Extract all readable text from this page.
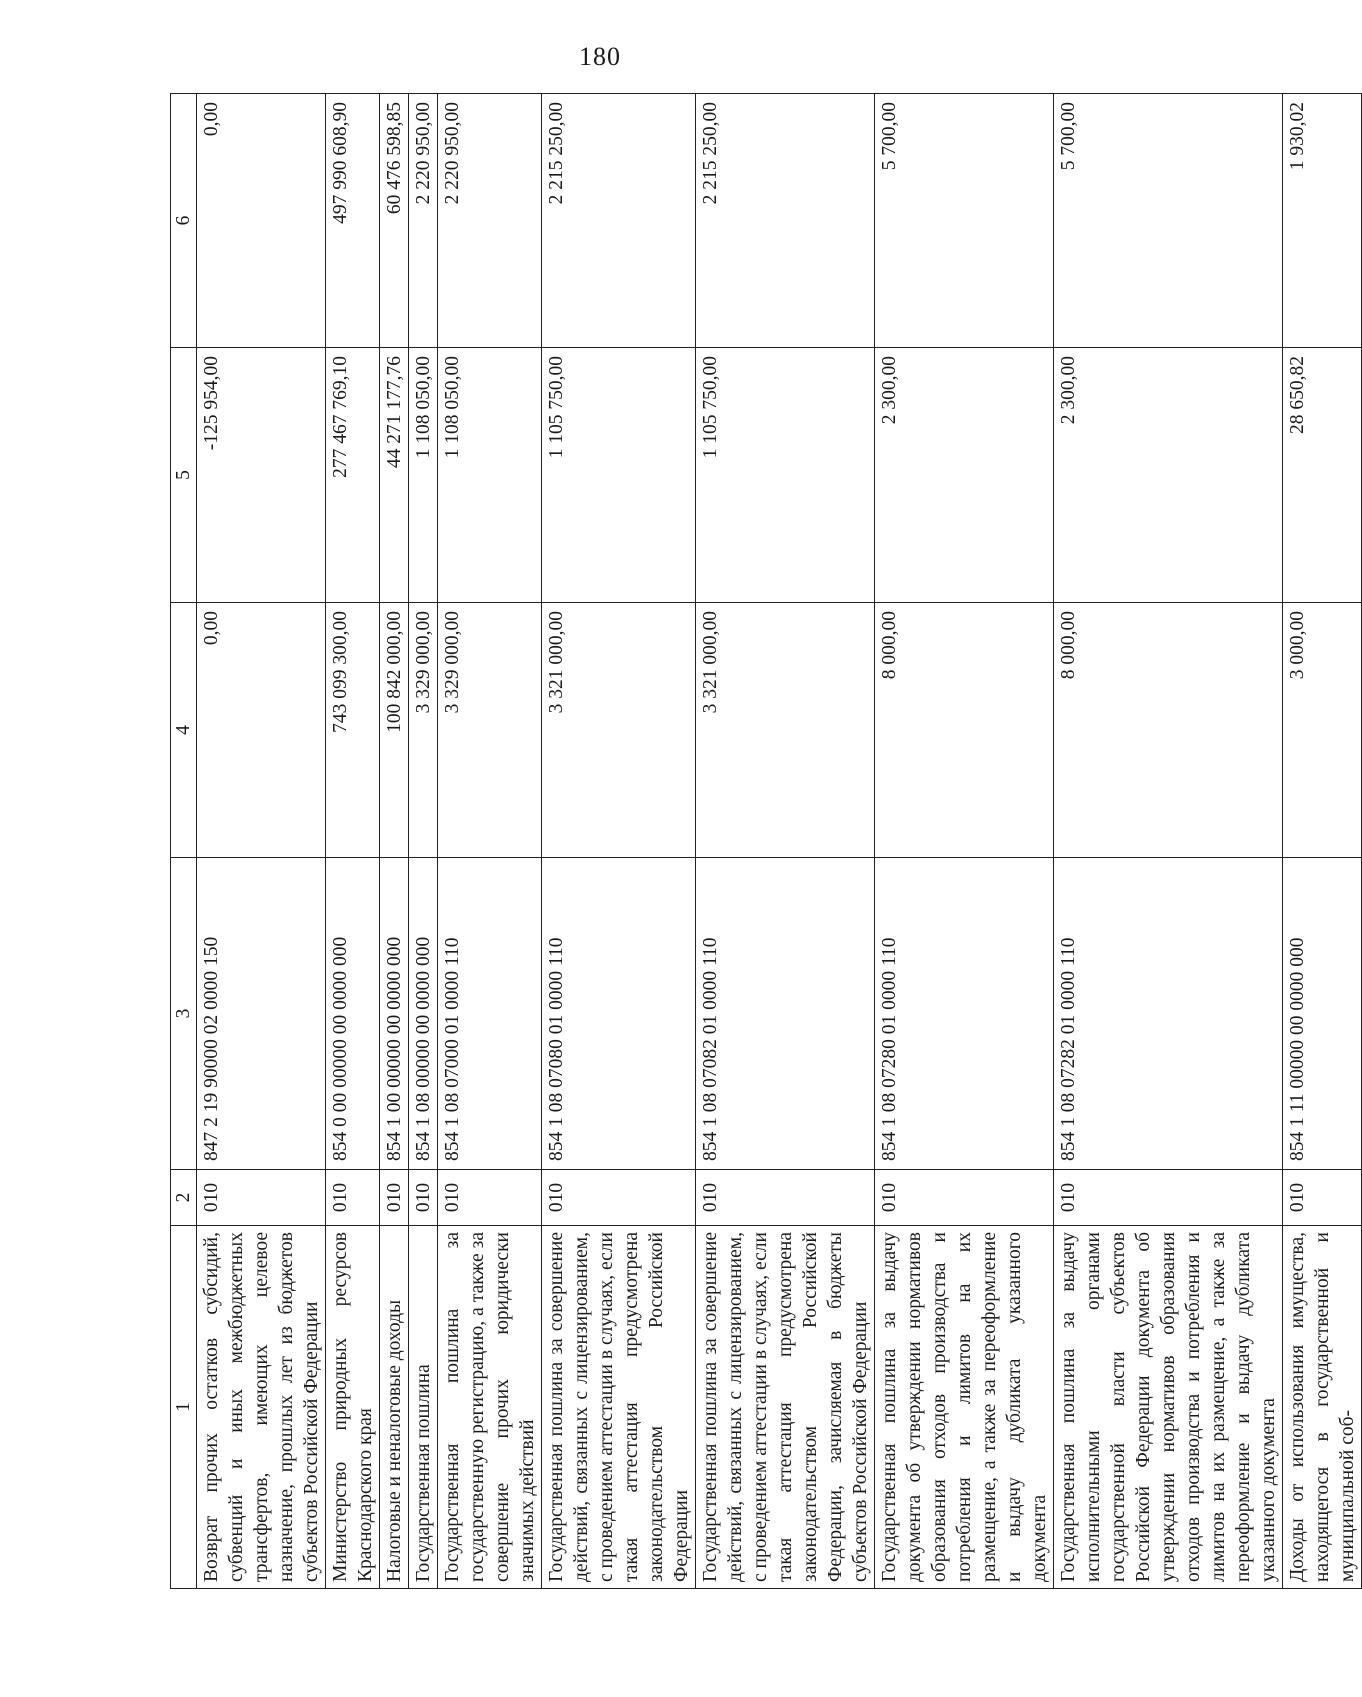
180
1	2	3	4	5	6
Возврат прочих остатков субсидий, субвенций и иных межбюджетных трансфертов, имеющих целевое назначение, прошлых лет из бюджетов субъектов Российской Федерации	010	847 2 19 90000 02 0000 150	0,00	-125 954,00	0,00
Министерство природных ресурсов Краснодарского края	010	854 0 00 00000 00 0000 000	743 099 300,00	277 467 769,10	497 990 608,90
Налоговые и неналоговые доходы	010	854 1 00 00000 00 0000 000	100 842 000,00	44 271 177,76	60 476 598,85
Государственная пошлина	010	854 1 08 00000 00 0000 000	3 329 000,00	1 108 050,00	2 220 950,00
Государственная пошлина за государственную регистрацию, а также за совершение прочих юридически значимых действий	010	854 1 08 07000 01 0000 110	3 329 000,00	1 108 050,00	2 220 950,00
Государственная пошлина за совершение действий, связанных с лицензированием, с проведением аттестации в случаях, если такая аттестация предусмотрена законодательством Российской Федерации	010	854 1 08 07080 01 0000 110	3 321 000,00	1 105 750,00	2 215 250,00
Государственная пошлина за совершение действий, связанных с лицензированием, с проведением аттестации в случаях, если такая аттестация предусмотрена законодательством Российской Федерации, зачисляемая в бюджеты субъектов Российской Федерации	010	854 1 08 07082 01 0000 110	3 321 000,00	1 105 750,00	2 215 250,00
Государственная пошлина за выдачу документа об утверждении нормативов образования отходов производства и потребления и лимитов на их размещение, а также за переоформление и выдачу дубликата указанного документа	010	854 1 08 07280 01 0000 110	8 000,00	2 300,00	5 700,00
Государственная пошлина за выдачу исполнительными органами государственной власти субъектов Российской Федерации документа об утверждении нормативов образования отходов производства и потребления и лимитов на их размещение, а также за переоформление и выдачу дубликата указанного документа	010	854 1 08 07282 01 0000 110	8 000,00	2 300,00	5 700,00
Доходы от использования имущества, находящегося в государственной и муниципальной соб-	010	854 1 11 00000 00 0000 000	3 000,00	28 650,82	1 930,02
